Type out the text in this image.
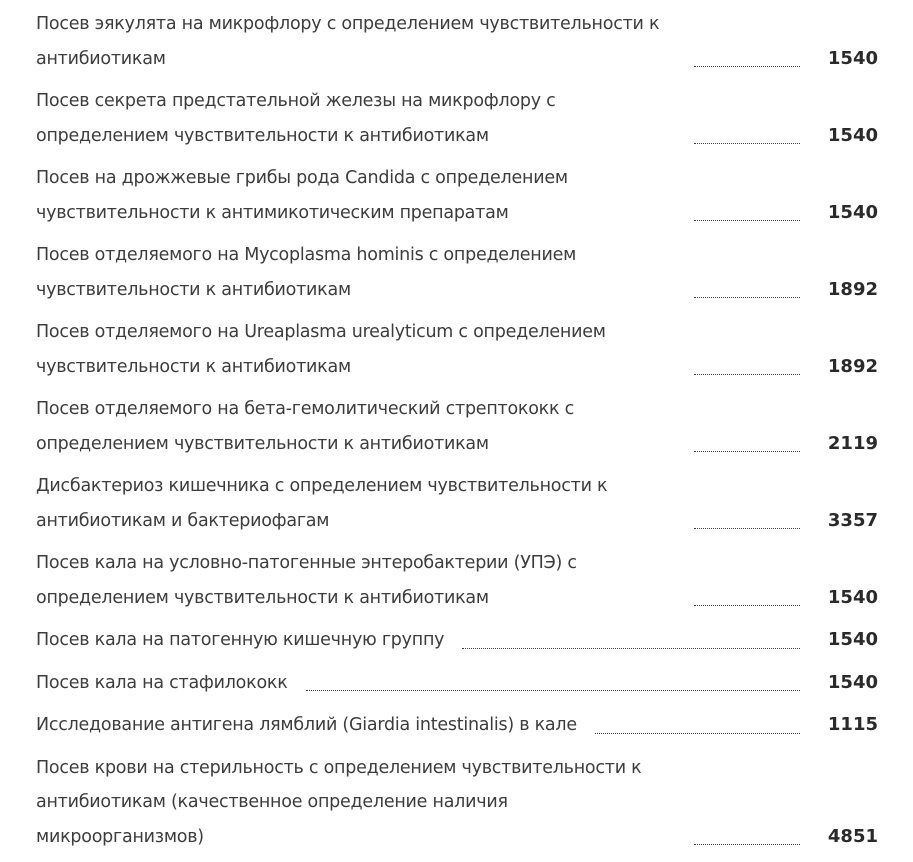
Посев эякулята на микрофлору с определением чувствительности к антибиотикам	1540
Посев секрета предстательной железы на микрофлору с определением чувствительности к антибиотикам	1540
Посев на дрожжевые грибы рода Candida с определением чувствительности к антимикотическим препаратам	1540
Посев отделяемого на Mycoplasma hominis с определением чувствительности к антибиотикам	1892
Посев отделяемого на Ureaplasma urealyticum с определением чувствительности к антибиотикам	1892
Посев отделяемого на бета-гемолитический стрептококк с определением чувствительности к антибиотикам	2119
Дисбактериоз кишечника с определением чувствительности к антибиотикам и бактериофагам	3357
Посев кала на условно-патогенные энтеробактерии (УПЭ) с определением чувствительности к антибиотикам	1540
Посев кала на патогенную кишечную группу	1540
Посев кала на стафилококк	1540
Исследование антигена лямблий (Giardia intestinalis) в кале	1115
Посев крови на стерильность с определением чувствительности к антибиотикам (качественное определение наличия микроорганизмов)	4851
